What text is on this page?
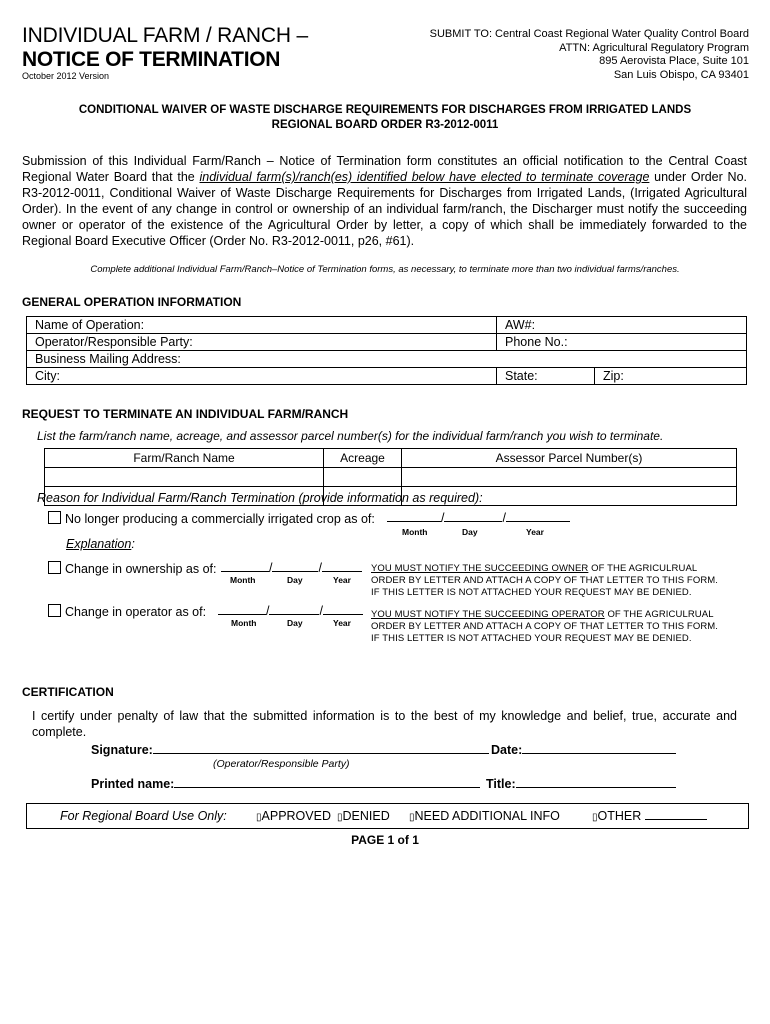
INDIVIDUAL FARM / RANCH –
NOTICE OF TERMINATION
October 2012 Version
SUBMIT TO: Central Coast Regional Water Quality Control Board
ATTN: Agricultural Regulatory Program
895 Aerovista Place, Suite 101
San Luis Obispo, CA 93401
CONDITIONAL WAIVER OF WASTE DISCHARGE REQUIREMENTS FOR DISCHARGES FROM IRRIGATED LANDS
REGIONAL BOARD ORDER R3-2012-0011
Submission of this Individual Farm/Ranch – Notice of Termination form constitutes an official notification to the Central Coast Regional Water Board that the individual farm(s)/ranch(es) identified below have elected to terminate coverage under Order No. R3-2012-0011, Conditional Waiver of Waste Discharge Requirements for Discharges from Irrigated Lands, (Irrigated Agricultural Order). In the event of any change in control or ownership of an individual farm/ranch, the Discharger must notify the succeeding owner or operator of the existence of the Agricultural Order by letter, a copy of which shall be immediately forwarded to the Regional Board Executive Officer (Order No. R3-2012-0011, p26, #61).
Complete additional Individual Farm/Ranch–Notice of Termination forms, as necessary, to terminate more than two individual farms/ranches.
GENERAL OPERATION INFORMATION
Name of Operation:	AW#:	
Operator/Responsible Party:	Phone No.:	
Business Mailing Address:		
City:	State:	Zip:
REQUEST TO TERMINATE AN INDIVIDUAL FARM/RANCH
List the farm/ranch name, acreage, and assessor parcel number(s) for the individual farm/ranch you wish to terminate.
Farm/Ranch Name	Acreage	Assessor Parcel Number(s)

Reason for Individual Farm/Ranch Termination (provide information as required):
No longer producing a commercially irrigated crop as of:	/	/
Month	Day	Year
Explanation:
Change in ownership as of:	/	/
Month	Day	Year
YOU MUST NOTIFY THE SUCCEEDING OWNER OF THE AGRICULRUAL
ORDER BY LETTER AND ATTACH A COPY OF THAT LETTER TO THIS FORM.
IF THIS LETTER IS NOT ATTACHED YOUR REQUEST MAY BE DENIED.
Change in operator as of:	/	/
Month	Day	Year
YOU MUST NOTIFY THE SUCCEEDING OPERATOR OF THE AGRICULRUAL
ORDER BY LETTER AND ATTACH A COPY OF THAT LETTER TO THIS FORM.
IF THIS LETTER IS NOT ATTACHED YOUR REQUEST MAY BE DENIED.
CERTIFICATION
I certify under penalty of law that the submitted information is to the best of my knowledge and belief, true, accurate and complete.
Signature:	Date:
(Operator/Responsible Party)
Printed name:	Title:
For Regional Board Use Only:	▯APPROVED ▯DENIED ▯NEED ADDITIONAL INFO	▯OTHER
PAGE 1 of 1
